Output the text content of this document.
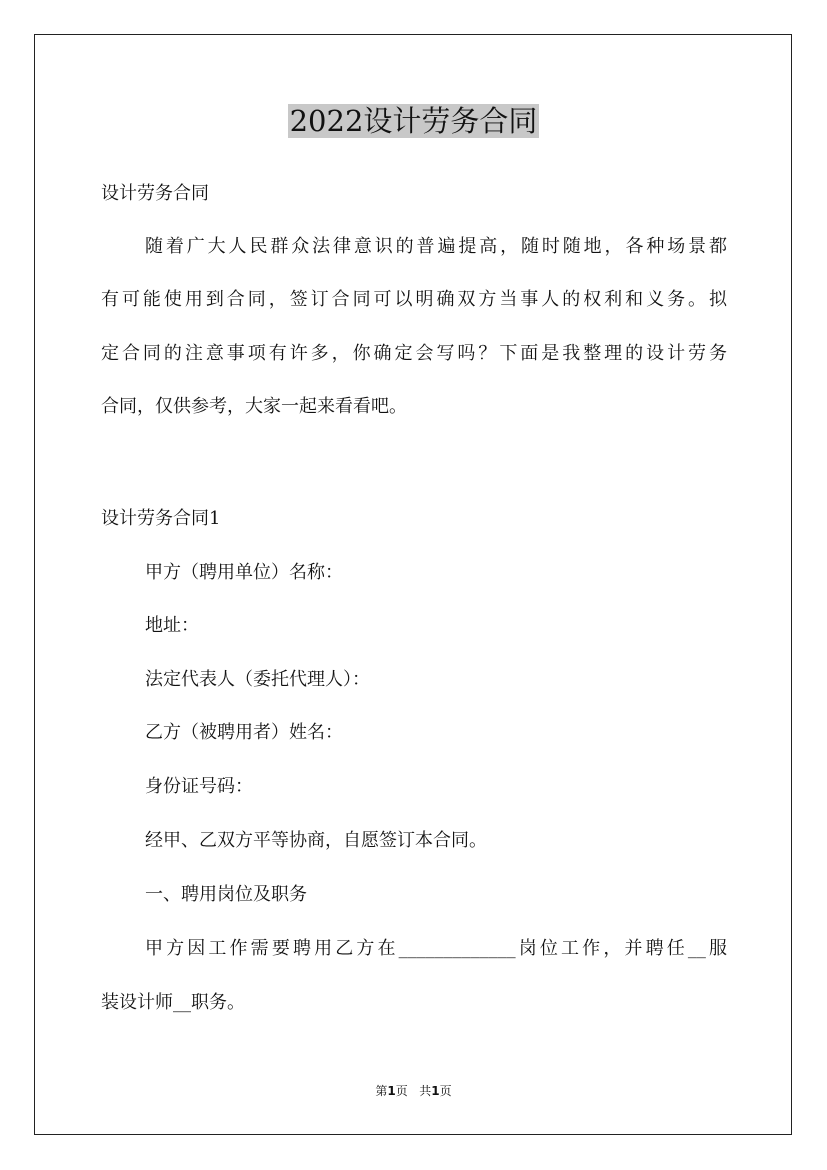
2022设计劳务合同
设计劳务合同
随着广大人民群众法律意识的普遍提高，随时随地，各种场景都
有可能使用到合同，签订合同可以明确双方当事人的权利和义务。拟
定合同的注意事项有许多，你确定会写吗？下面是我整理的设计劳务
合同，仅供参考，大家一起来看看吧。
设计劳务合同1
甲方（聘用单位）名称：
地址：
法定代表人（委托代理人）：
乙方（被聘用者）姓名：
身份证号码：
经甲、乙双方平等协商，自愿签订本合同。
一、聘用岗位及职务
甲方因工作需要聘用乙方在_____________岗位工作，并聘任__服
装设计师__职务。
第1页 共1页
